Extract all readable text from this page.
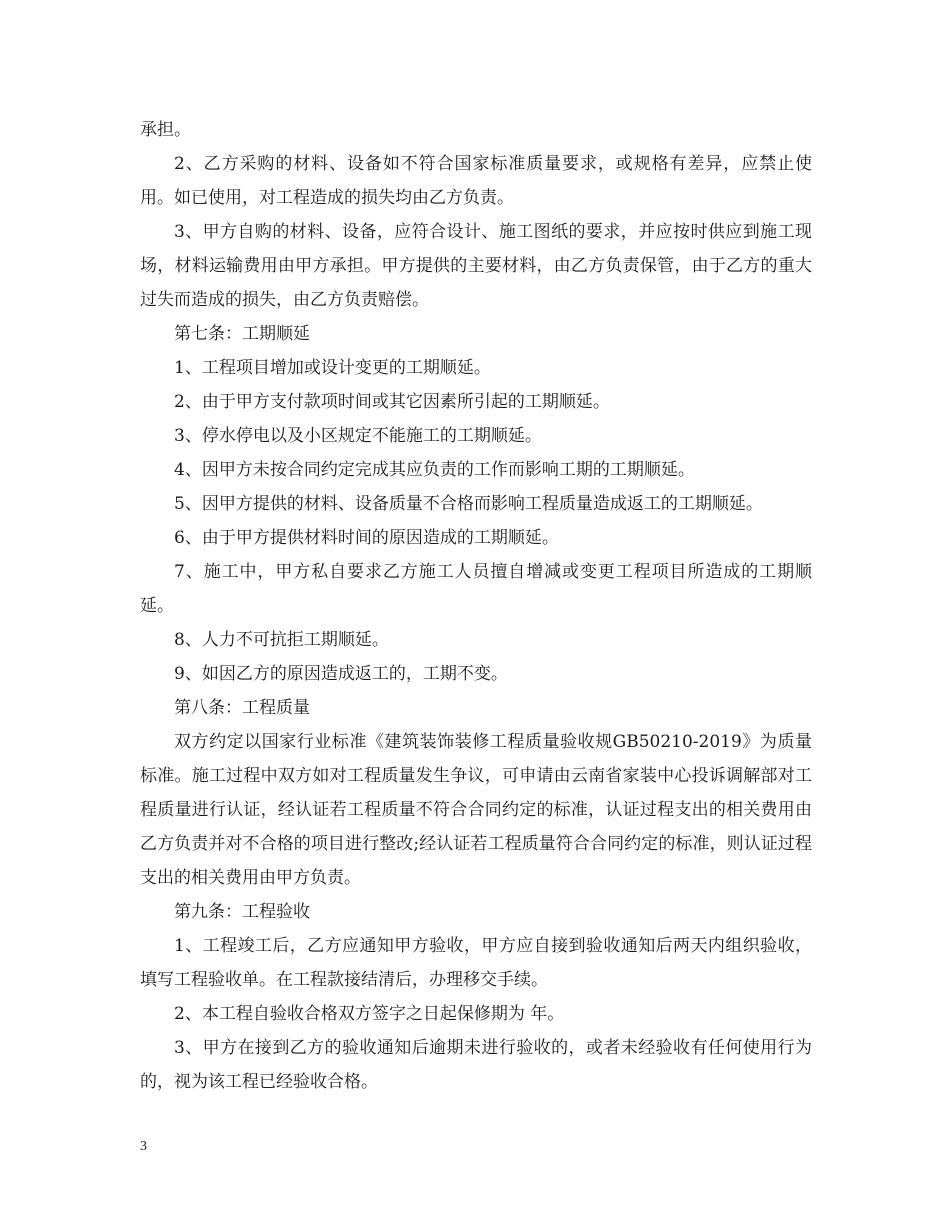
承担。

2、乙方采购的材料、设备如不符合国家标准质量要求，或规格有差异，应禁止使用。如已使用，对工程造成的损失均由乙方负责。

3、甲方自购的材料、设备，应符合设计、施工图纸的要求，并应按时供应到施工现场，材料运输费用由甲方承担。甲方提供的主要材料，由乙方负责保管，由于乙方的重大过失而造成的损失，由乙方负责赔偿。

第七条：工期顺延

1、工程项目增加或设计变更的工期顺延。

2、由于甲方支付款项时间或其它因素所引起的工期顺延。

3、停水停电以及小区规定不能施工的工期顺延。

4、因甲方未按合同约定完成其应负责的工作而影响工期的工期顺延。

5、因甲方提供的材料、设备质量不合格而影响工程质量造成返工的工期顺延。

6、由于甲方提供材料时间的原因造成的工期顺延。

7、施工中，甲方私自要求乙方施工人员擅自增减或变更工程项目所造成的工期顺延。

8、人力不可抗拒工期顺延。

9、如因乙方的原因造成返工的，工期不变。

第八条：工程质量

双方约定以国家行业标准《建筑装饰装修工程质量验收规GB50210-2019》为质量标准。施工过程中双方如对工程质量发生争议，可申请由云南省家装中心投诉调解部对工程质量进行认证，经认证若工程质量不符合合同约定的标准，认证过程支出的相关费用由乙方负责并对不合格的项目进行整改;经认证若工程质量符合合同约定的标准，则认证过程支出的相关费用由甲方负责。

第九条：工程验收

1、工程竣工后，乙方应通知甲方验收，甲方应自接到验收通知后两天内组织验收，填写工程验收单。在工程款接结清后，办理移交手续。

2、本工程自验收合格双方签字之日起保修期为 年。

3、甲方在接到乙方的验收通知后逾期未进行验收的，或者未经验收有任何使用行为的，视为该工程已经验收合格。

3
